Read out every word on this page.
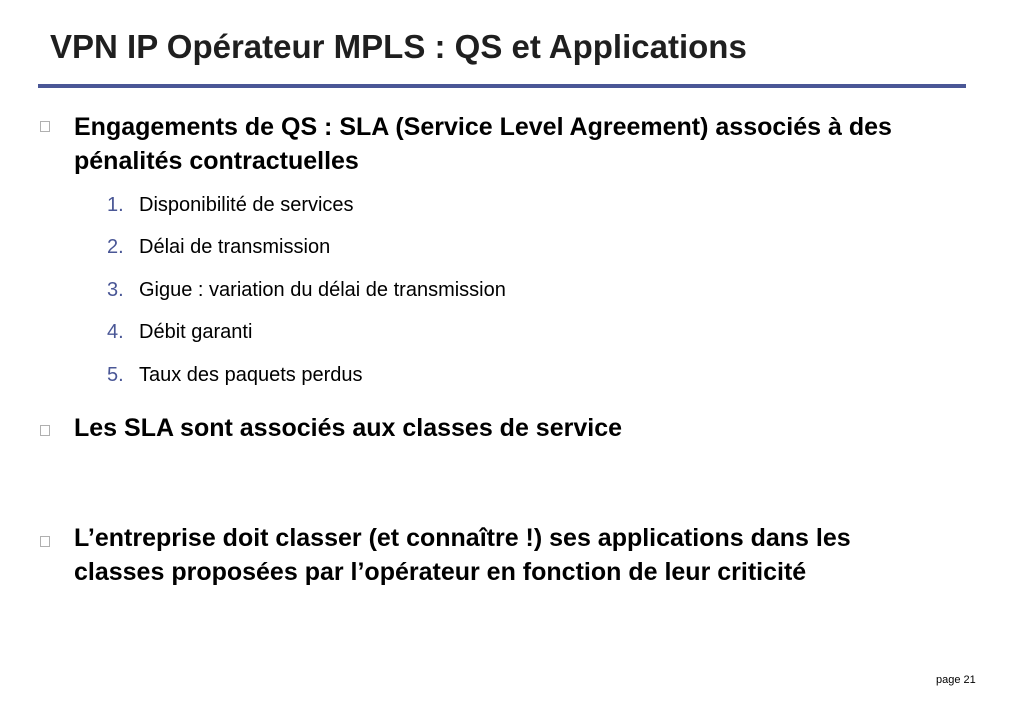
VPN IP Opérateur MPLS : QS et Applications

Engagements de QS : SLA (Service Level Agreement) associés à des pénalités contractuelles

1. Disponibilité de services
2. Délai de transmission
3. Gigue : variation du délai de transmission
4. Débit garanti
5. Taux des paquets perdus

Les SLA sont associés aux classes de service

L’entreprise doit classer (et connaître !) ses applications dans les classes proposées par l’opérateur en fonction de leur criticité

page 21
